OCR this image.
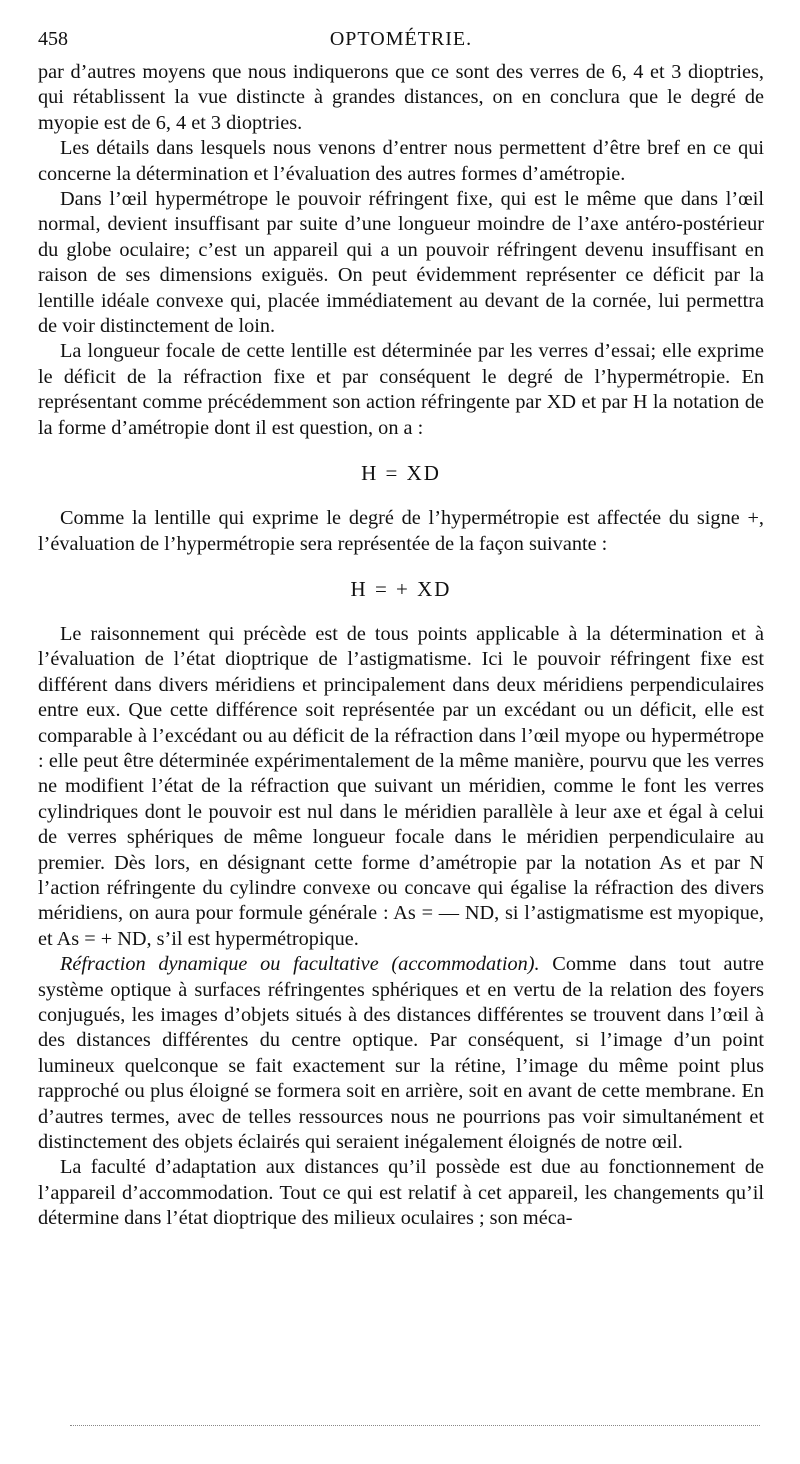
458	OPTOMÉTRIE.

par d’autres moyens que nous indiquerons que ce sont des verres de 6, 4 et 3 dioptries, qui rétablissent la vue distincte à grandes distances, on en conclura que le degré de myopie est de 6, 4 et 3 dioptries.

Les détails dans lesquels nous venons d’entrer nous permettent d’être bref en ce qui concerne la détermination et l’évaluation des autres formes d’amétropie.

Dans l’œil hypermétrope le pouvoir réfringent fixe, qui est le même que dans l’œil normal, devient insuffisant par suite d’une longueur moindre de l’axe antéro-postérieur du globe oculaire; c’est un appareil qui a un pouvoir réfringent devenu insuffisant en raison de ses dimensions exiguës. On peut évidemment représenter ce déficit par la lentille idéale convexe qui, placée immédiatement au devant de la cornée, lui permettra de voir distinctement de loin.

La longueur focale de cette lentille est déterminée par les verres d’essai; elle exprime le déficit de la réfraction fixe et par conséquent le degré de l’hypermétropie. En représentant comme précédemment son action réfringente par XD et par H la notation de la forme d’amétropie dont il est question, on a :

H = XD

Comme la lentille qui exprime le degré de l’hypermétropie est affectée du signe +, l’évaluation de l’hypermétropie sera représentée de la façon suivante :

H = + XD

Le raisonnement qui précède est de tous points applicable à la détermination et à l’évaluation de l’état dioptrique de l’astigmatisme. Ici le pouvoir réfringent fixe est différent dans divers méridiens et principalement dans deux méridiens perpendiculaires entre eux. Que cette différence soit représentée par un excédant ou un déficit, elle est comparable à l’excédant ou au déficit de la réfraction dans l’œil myope ou hypermétrope : elle peut être déterminée expérimentalement de la même manière, pourvu que les verres ne modifient l’état de la réfraction que suivant un méridien, comme le font les verres cylindriques dont le pouvoir est nul dans le méridien parallèle à leur axe et égal à celui de verres sphériques de même longueur focale dans le méridien perpendiculaire au premier. Dès lors, en désignant cette forme d’amétropie par la notation As et par N l’action réfringente du cylindre convexe ou concave qui égalise la réfraction des divers méridiens, on aura pour formule générale : As = — ND, si l’astigmatisme est myopique, et As = + ND, s’il est hypermétropique.

Réfraction dynamique ou facultative (accommodation). Comme dans tout autre système optique à surfaces réfringentes sphériques et en vertu de la relation des foyers conjugués, les images d’objets situés à des distances différentes se trouvent dans l’œil à des distances différentes du centre optique. Par conséquent, si l’image d’un point lumineux quelconque se fait exactement sur la rétine, l’image du même point plus rapproché ou plus éloigné se formera soit en arrière, soit en avant de cette membrane. En d’autres termes, avec de telles ressources nous ne pourrions pas voir simultanément et distinctement des objets éclairés qui seraient inégalement éloignés de notre œil.

La faculté d’adaptation aux distances qu’il possède est due au fonctionnement de l’appareil d’accommodation. Tout ce qui est relatif à cet appareil, les changements qu’il détermine dans l’état dioptrique des milieux oculaires ; son méca-
